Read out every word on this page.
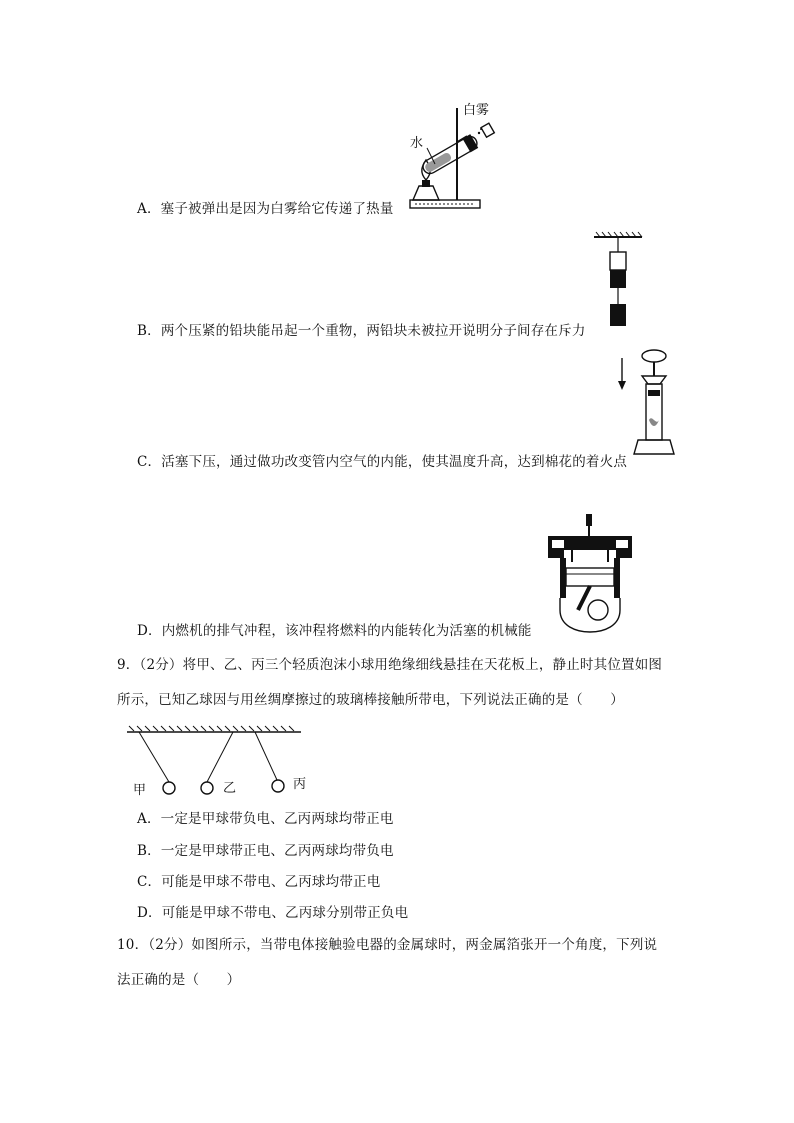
水
白雾
A．塞子被弹出是因为白雾给它传递了热量
B．两个压紧的铅块能吊起一个重物，两铅块未被拉开说明分子间存在斥力
C．活塞下压，通过做功改变管内空气的内能，使其温度升高，达到棉花的着火点
D．内燃机的排气冲程，该冲程将燃料的内能转化为活塞的机械能
9．（2分）将甲、乙、丙三个轻质泡沫小球用绝缘细线悬挂在天花板上，静止时其位置如图
所示，已知乙球因与用丝绸摩擦过的玻璃棒接触所带电，下列说法正确的是（　　）
甲	乙	丙
A．一定是甲球带负电、乙丙两球均带正电
B．一定是甲球带正电、乙丙两球均带负电
C．可能是甲球不带电、乙丙球均带正电
D．可能是甲球不带电、乙丙球分别带正负电
10．（2分）如图所示，当带电体接触验电器的金属球时，两金属箔张开一个角度，下列说
法正确的是（　　）
